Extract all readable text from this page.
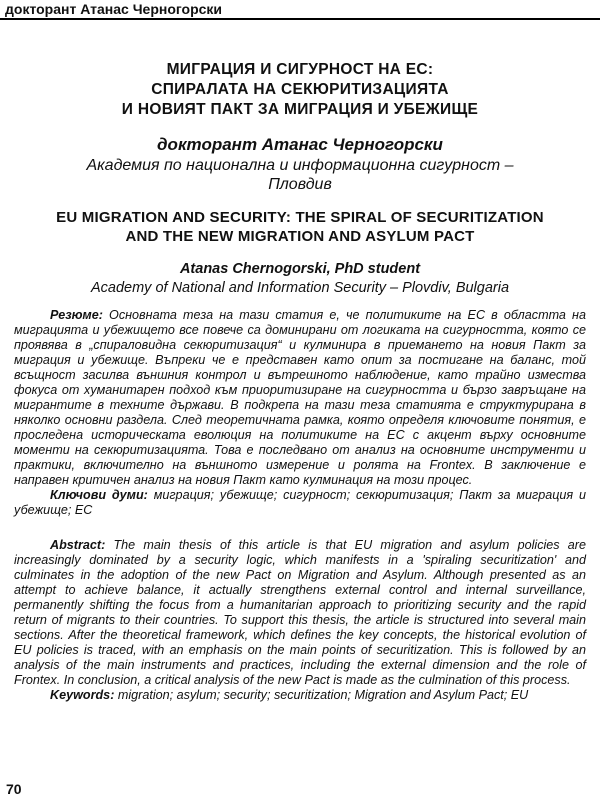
докторант Атанас Черногорски
МИГРАЦИЯ И СИГУРНОСТ НА ЕС:
СПИРАЛАТА НА СЕКЮРИТИЗАЦИЯТА
И НОВИЯТ ПАКТ ЗА МИГРАЦИЯ И УБЕЖИЩЕ
докторант Атанас Черногорски
Академия по национална и информационна сигурност –
Пловдив
EU MIGRATION AND SECURITY: THE SPIRAL OF SECURITIZATION
AND THE NEW MIGRATION AND ASYLUM PACT
Atanas Chernogorski, PhD student
Academy of National and Information Security – Plovdiv, Bulgaria
Резюме: Основната теза на тази статия е, че политиките на ЕС в областта на миграцията и убежището все повече са доминирани от логиката на сигурността, която се проявява в „спираловидна секюритизация“ и кулминира в приемането на новия Пакт за миграция и убежище. Въпреки че е представен като опит за постигане на баланс, той всъщност засилва външния контрол и вътрешното наблюдение, като трайно измества фокуса от хуманитарен подход към приоритизиране на сигурността и бързо завръщане на мигрантите в техните държави. В подкрепа на тази теза статията е структурирана в няколко основни раздела. След теоретичната рамка, която определя ключовите понятия, е проследена историческата еволюция на политиките на ЕС с акцент върху основните моменти на секюритизацията. Това е последвано от анализ на основните инструменти и практики, включително на външното измерение и ролята на Frontex. В заключение е направен критичен анализ на новия Пакт като кулминация на този процес.
Ключови думи: миграция; убежище; сигурност; секюритизация; Пакт за миграция и убежище; ЕС
Abstract: The main thesis of this article is that EU migration and asylum policies are increasingly dominated by a security logic, which manifests in a 'spiraling securitization' and culminates in the adoption of the new Pact on Migration and Asylum. Although presented as an attempt to achieve balance, it actually strengthens external control and internal surveillance, permanently shifting the focus from a humanitarian approach to prioritizing security and the rapid return of migrants to their countries. To support this thesis, the article is structured into several main sections. After the theoretical framework, which defines the key concepts, the historical evolution of EU policies is traced, with an emphasis on the main points of securitization. This is followed by an analysis of the main instruments and practices, including the external dimension and the role of Frontex. In conclusion, a critical analysis of the new Pact is made as the culmination of this process.
Keywords: migration; asylum; security; securitization; Migration and Asylum Pact; EU
70
